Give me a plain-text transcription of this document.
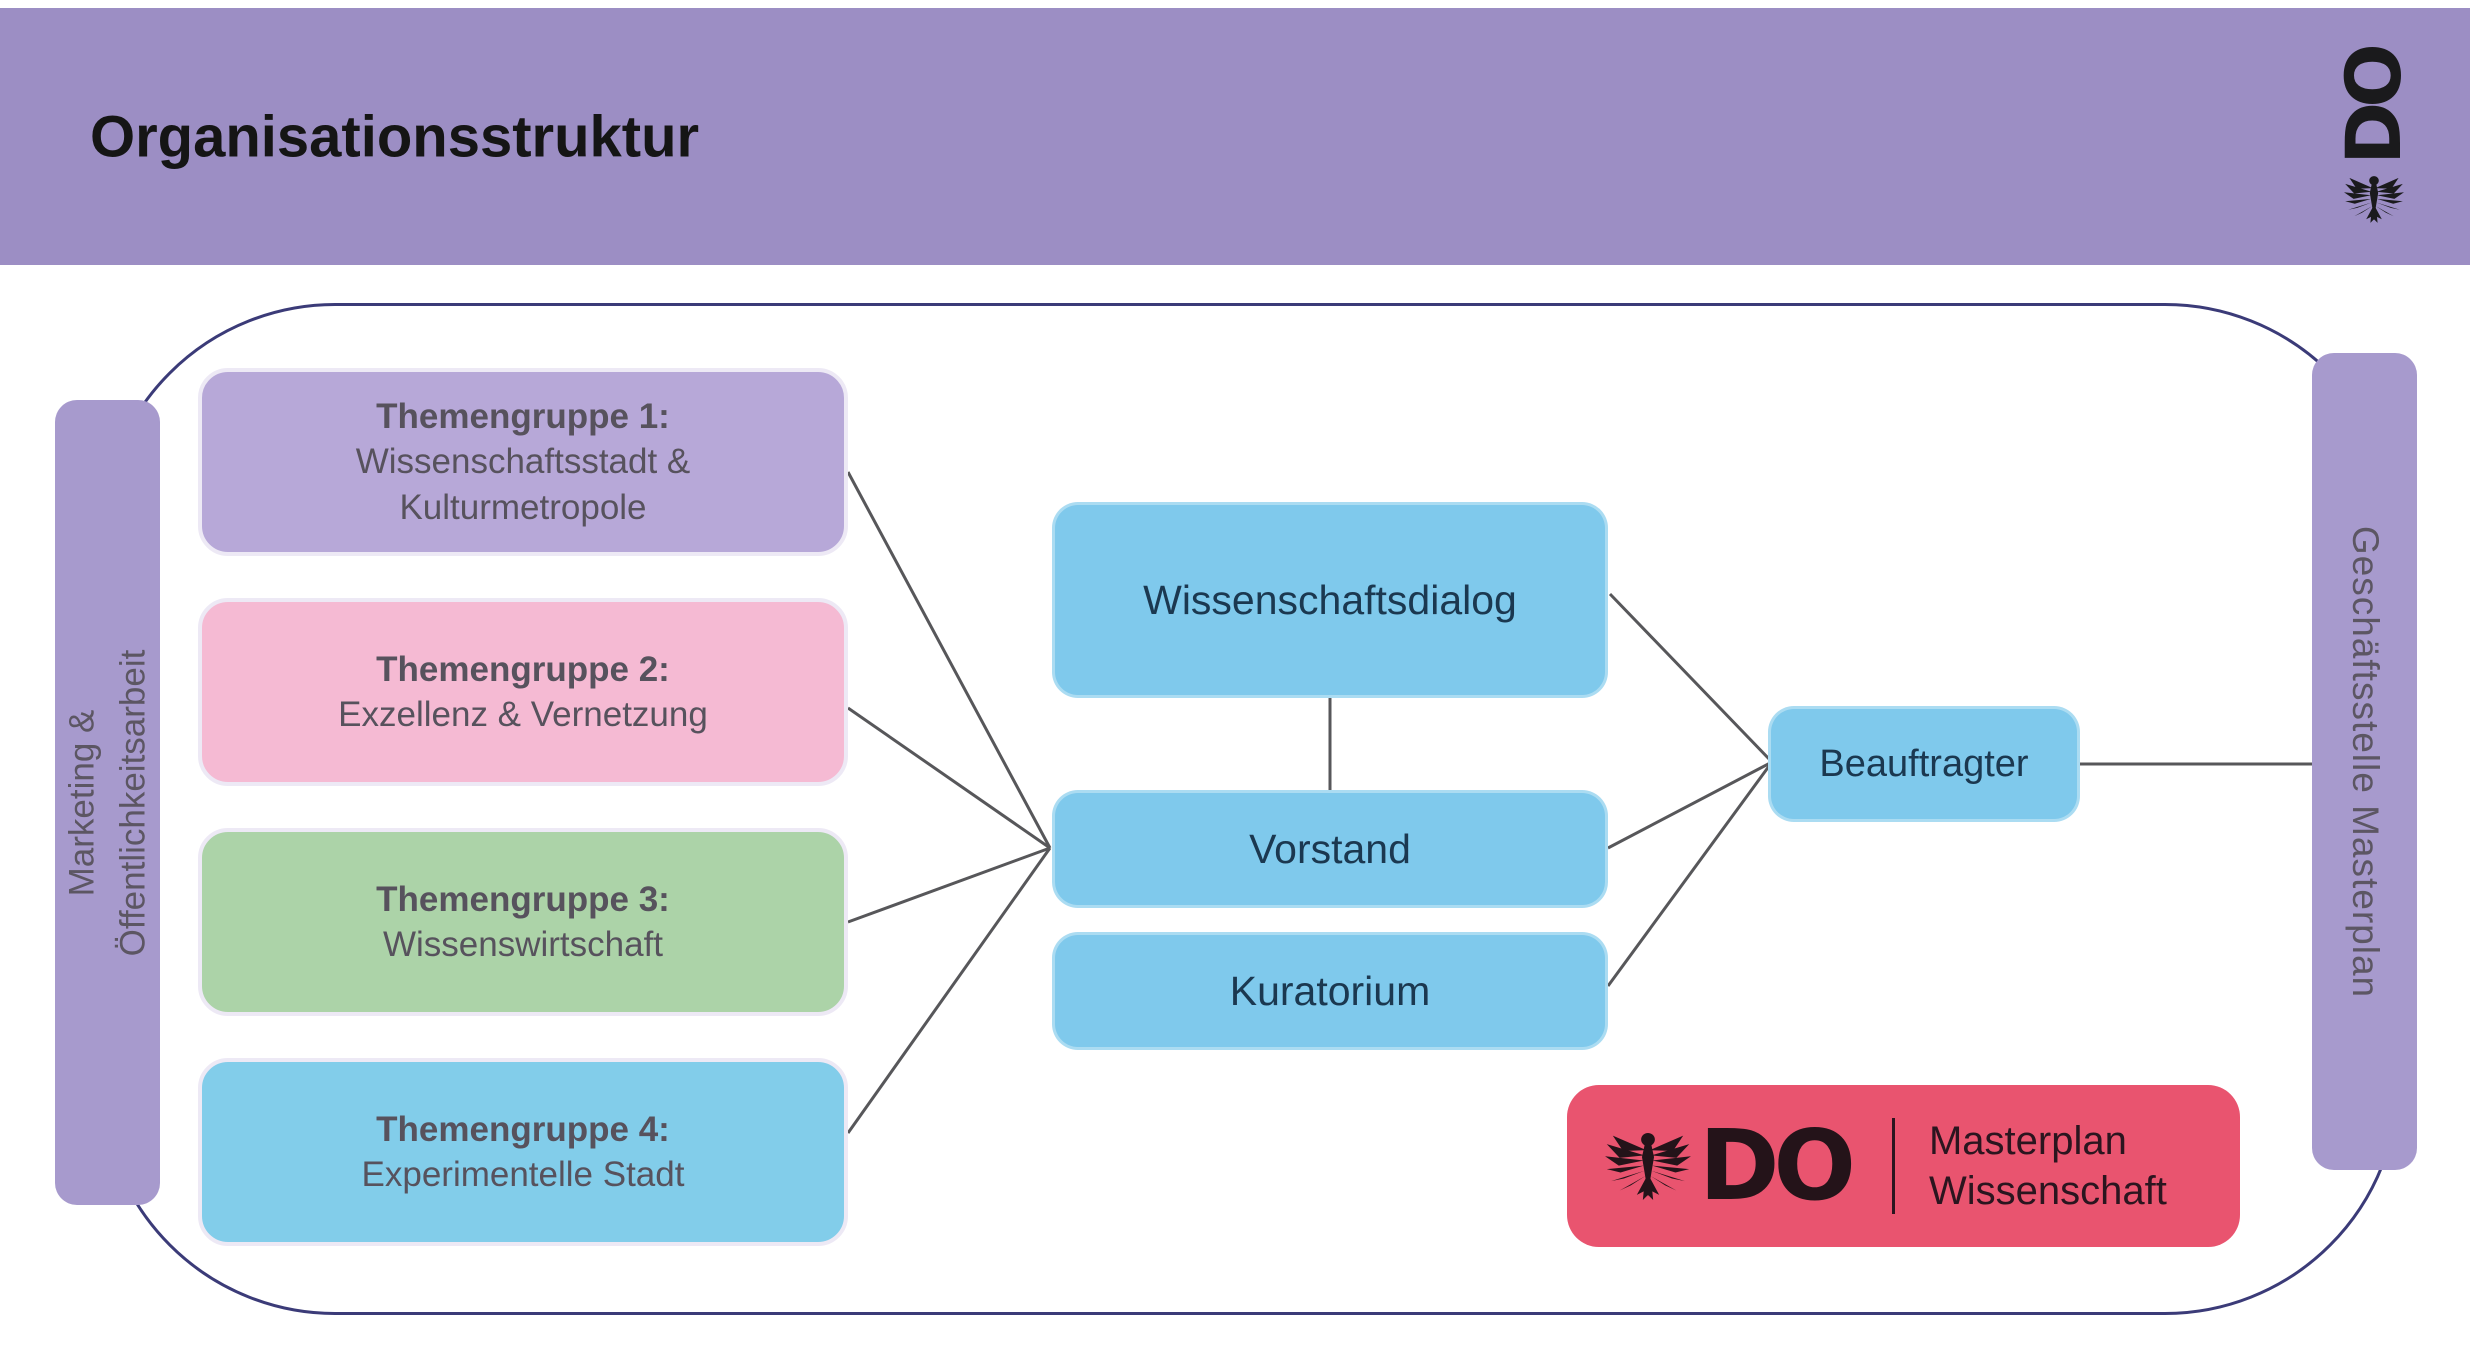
Organisationsstruktur	DO
Marketing & Öffentlichkeitsarbeit	Geschäftsstelle Masterplan
Themengruppe 1:
Wissenschaftsstadt & Kulturmetropole
Themengruppe 2:
Exzellenz & Vernetzung
Themengruppe 3:
Wissenswirtschaft
Themengruppe 4:
Experimentelle Stadt
Wissenschaftsdialog
Vorstand
Kuratorium
Beauftragter
DO Masterplan
Wissenschaft
